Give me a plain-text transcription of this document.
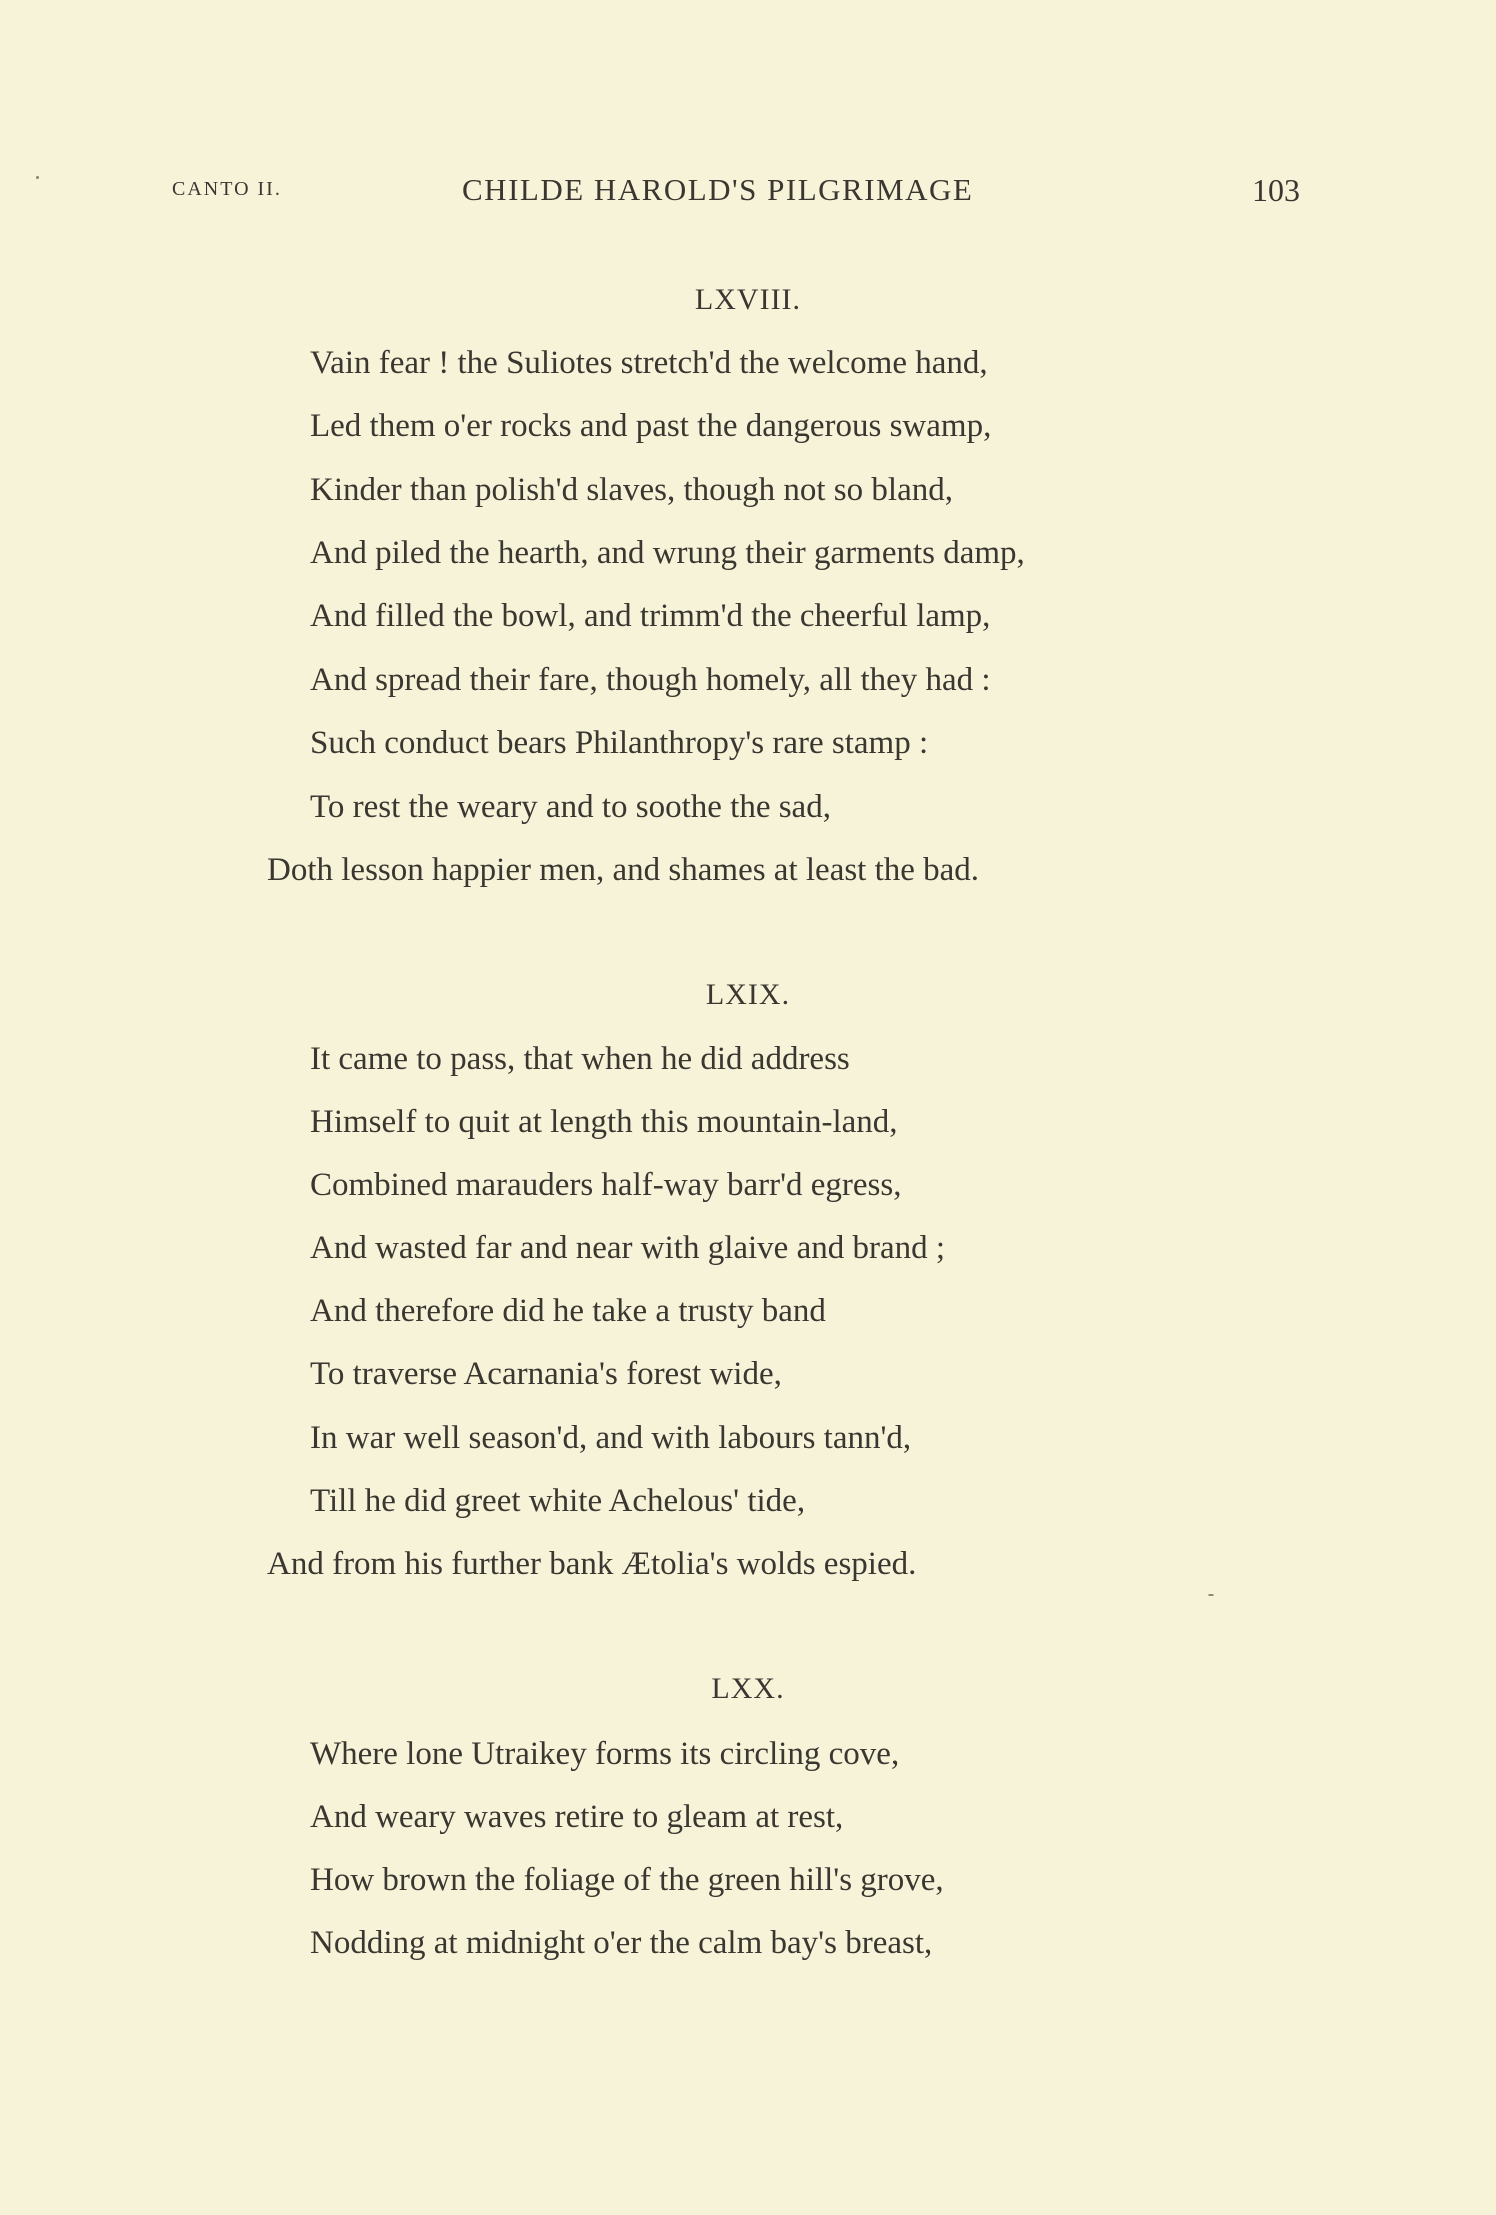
CANTO II.	CHILDE HAROLD'S PILGRIMAGE	103
LXVIII.
Vain fear ! the Suliotes stretch'd the welcome hand,
Led them o'er rocks and past the dangerous swamp,
Kinder than polish'd slaves, though not so bland,
And piled the hearth, and wrung their garments damp,
And filled the bowl, and trimm'd the cheerful lamp,
And spread their fare, though homely, all they had :
Such conduct bears Philanthropy's rare stamp :
To rest the weary and to soothe the sad,
Doth lesson happier men, and shames at least the bad.
LXIX.
It came to pass, that when he did address
Himself to quit at length this mountain-land,
Combined marauders half-way barr'd egress,
And wasted far and near with glaive and brand ;
And therefore did he take a trusty band
To traverse Acarnania's forest wide,
In war well season'd, and with labours tann'd,
Till he did greet white Achelous' tide,
And from his further bank Ætolia's wolds espied.
LXX.
Where lone Utraikey forms its circling cove,
And weary waves retire to gleam at rest,
How brown the foliage of the green hill's grove,
Nodding at midnight o'er the calm bay's breast,
